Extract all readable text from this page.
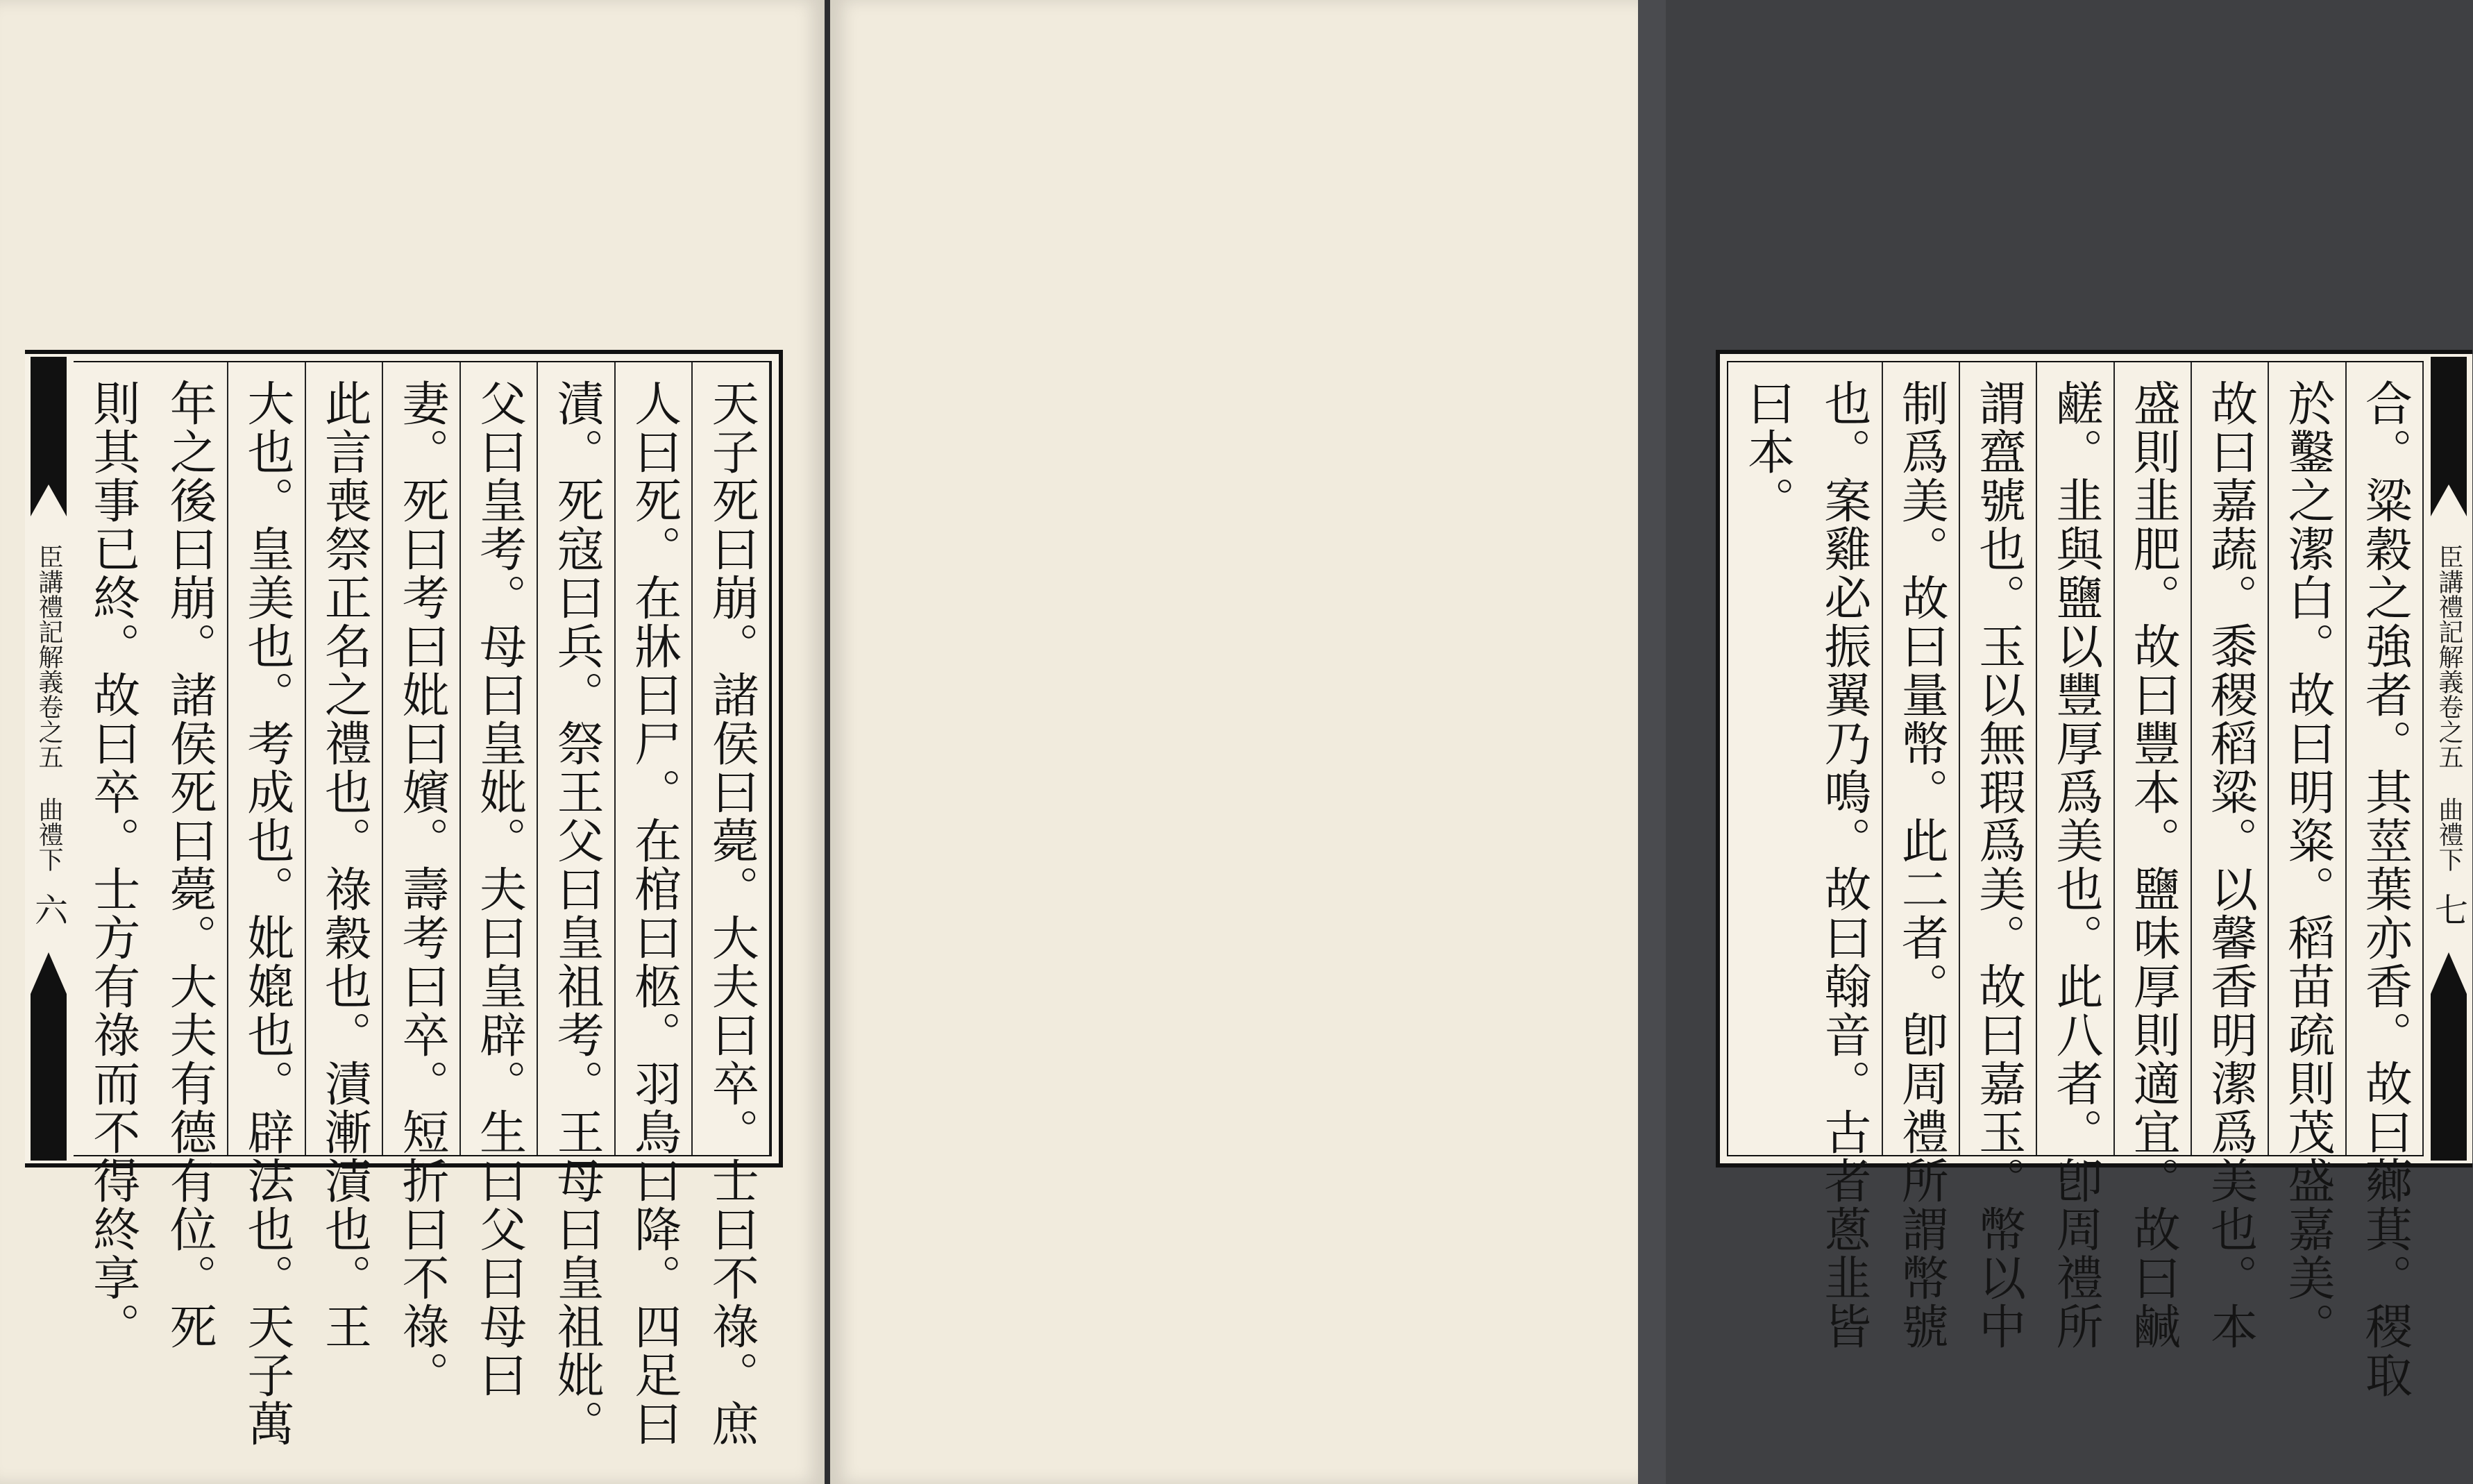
臣講禮記解義卷之五
曲禮下
六	天子死曰崩。諸侯曰薨。大夫曰卒。士曰不祿。庶
人曰死。在牀曰尸。在棺曰柩。羽鳥曰降。四足曰
漬。死寇曰兵。祭王父曰皇祖考。王母曰皇祖妣。
父曰皇考。母曰皇妣。夫曰皇辟。生曰父曰母曰
妻。死曰考曰妣曰嬪。壽考曰卒。短折曰不祿。
此言喪祭正名之禮也。祿穀也。漬漸漬也。王
大也。皇美也。考成也。妣媲也。辟法也。天子萬
年之後曰崩。諸侯死曰薨。大夫有德有位。死
則其事已終。故曰卒。士方有祿而不得終享。	合。粱穀之強者。其莖葉亦香。故曰薌萁。稷取
於鑿之潔白。故曰明粢。稻苗疏則茂盛嘉美。
故曰嘉蔬。黍稷稻粱。以馨香明潔爲美也。本
盛則韭肥。故曰豐本。鹽味厚則適宜。故曰鹹
鹺。韭與鹽以豐厚爲美也。此八者。卽周禮所
謂齍號也。玉以無瑕爲美。故曰嘉玉。幣以中
制爲美。故曰量幣。此二者。卽周禮所謂幣號
也。案雞必振翼乃鳴。故曰翰音。古者蔥韭皆
曰本。
臣講禮記解義卷之五
曲禮下
七
